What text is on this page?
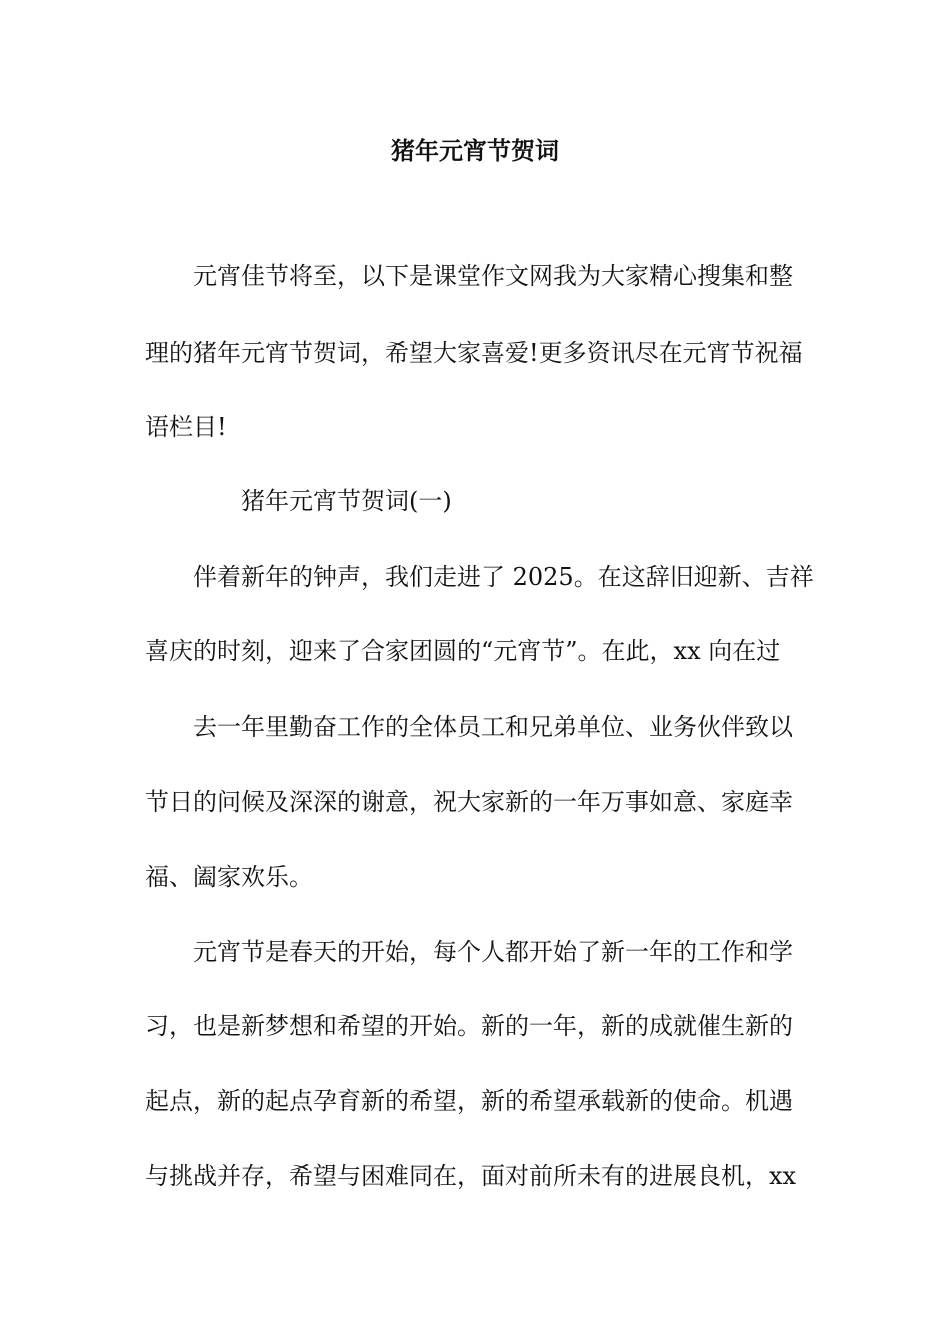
猪年元宵节贺词
元宵佳节将至，以下是课堂作文网我为大家精心搜集和整
理的猪年元宵节贺词，希望大家喜爱!更多资讯尽在元宵节祝福
语栏目!
猪年元宵节贺词(一)
伴着新年的钟声，我们走进了 2025。在这辞旧迎新、吉祥
喜庆的时刻，迎来了合家团圆的“元宵节”。在此，xx 向在过
去一年里勤奋工作的全体员工和兄弟单位、业务伙伴致以
节日的问候及深深的谢意，祝大家新的一年万事如意、家庭幸
福、阖家欢乐。
元宵节是春天的开始，每个人都开始了新一年的工作和学
习，也是新梦想和希望的开始。新的一年，新的成就催生新的
起点，新的起点孕育新的希望，新的希望承载新的使命。机遇
与挑战并存，希望与困难同在，面对前所未有的进展良机，xx
